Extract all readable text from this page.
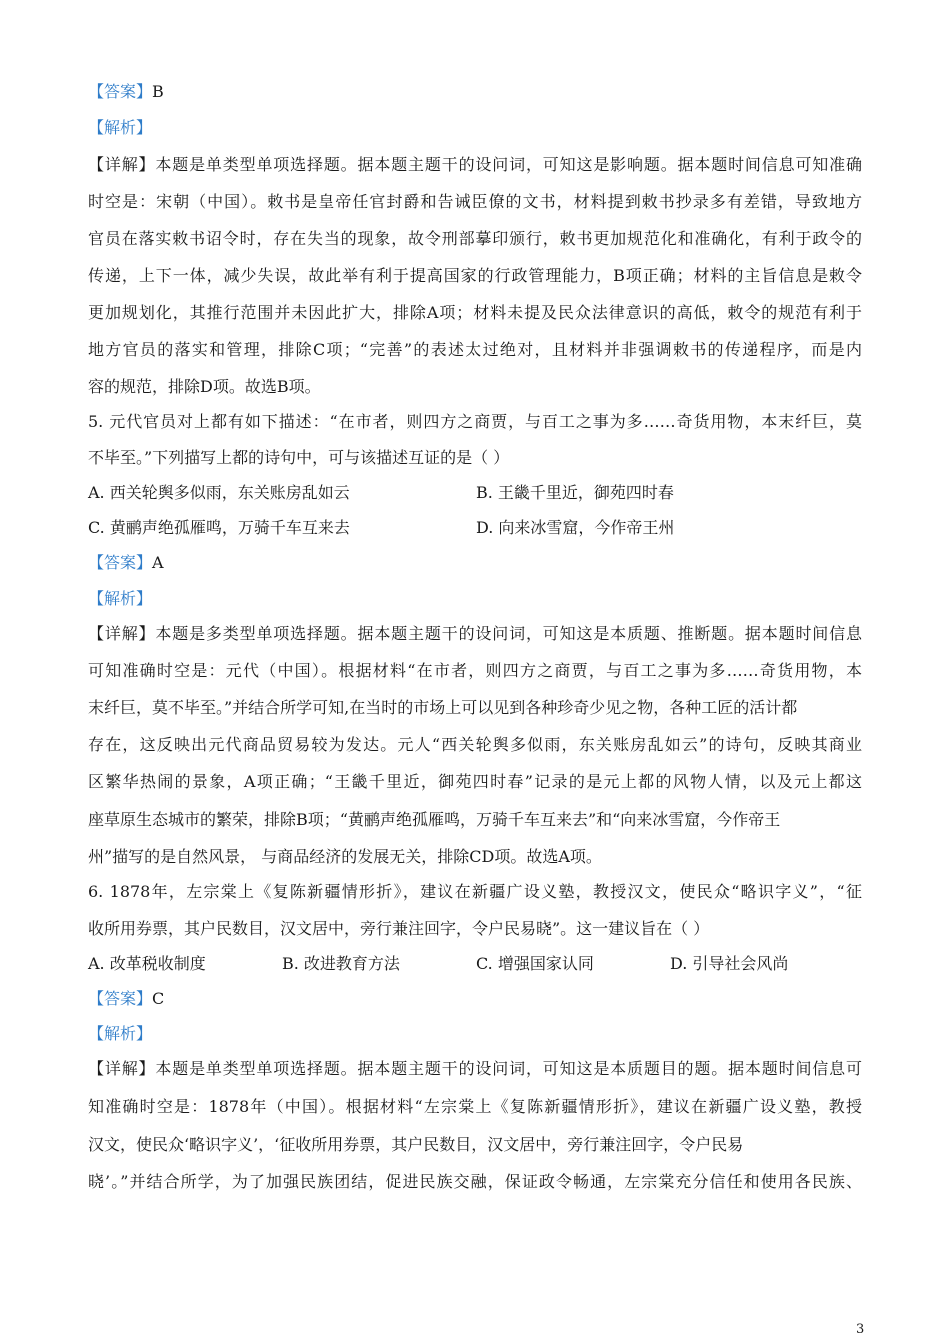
【答案】B
【解析】
【详解】本题是单类型单项选择题。据本题主题干的设问词，可知这是影响题。据本题时间信息可知准确
时空是：宋朝（中国）。敕书是皇帝任官封爵和告诫臣僚的文书，材料提到敕书抄录多有差错，导致地方
官员在落实敕书诏令时，存在失当的现象，故令刑部摹印颁行，敕书更加规范化和准确化，有利于政令的
传递，上下一体，减少失误，故此举有利于提高国家的行政管理能力，B项正确；材料的主旨信息是敕令
更加规划化，其推行范围并未因此扩大，排除A项；材料未提及民众法律意识的高低，敕令的规范有利于
地方官员的落实和管理，排除C项；“完善”的表述太过绝对，且材料并非强调敕书的传递程序，而是内
容的规范，排除D项。故选B项。
5. 元代官员对上都有如下描述：“在市者，则四方之商贾，与百工之事为多……奇货用物，本末纤巨，莫
不毕至。”下列描写上都的诗句中，可与该描述互证的是（ ）
A. 西关轮舆多似雨，东关账房乱如云	B. 王畿千里近，御苑四时春
C. 黄鹂声绝孤雁鸣，万骑千车互来去	D. 向来冰雪窟，今作帝王州
【答案】A
【解析】
【详解】本题是多类型单项选择题。据本题主题干的设问词，可知这是本质题、推断题。据本题时间信息
可知准确时空是：元代（中国）。根据材料“在市者，则四方之商贾，与百工之事为多……奇货用物，本
末纤巨，莫不毕至。”并结合所学可知,在当时的市场上可以见到各种珍奇少见之物，各种工匠的活计都
存在，这反映出元代商品贸易较为发达。元人“西关轮舆多似雨，东关账房乱如云”的诗句，反映其商业
区繁华热闹的景象，A项正确；“王畿千里近，御苑四时春”记录的是元上都的风物人情，以及元上都这
座草原生态城市的繁荣，排除B项；“黄鹂声绝孤雁鸣，万骑千车互来去”和“向来冰雪窟，今作帝王
州”描写的是自然风景， 与商品经济的发展无关，排除CD项。故选A项。
6. 1878年，左宗棠上《复陈新疆情形折》，建议在新疆广设义塾，教授汉文，使民众“略识字义”，“征
收所用券票，其户民数目，汉文居中，旁行兼注回字，令户民易晓”。这一建议旨在（ ）
A. 改革税收制度	B. 改进教育方法	C. 增强国家认同	D. 引导社会风尚
【答案】C
【解析】
【详解】本题是单类型单项选择题。据本题主题干的设问词，可知这是本质题目的题。据本题时间信息可
知准确时空是：1878年（中国）。根据材料“左宗棠上《复陈新疆情形折》，建议在新疆广设义塾，教授
汉文，使民众‘略识字义’，‘征收所用券票，其户民数目，汉文居中，旁行兼注回字，令户民易
晓’。”并结合所学，为了加强民族团结，促进民族交融，保证政令畅通，左宗棠充分信任和使用各民族、
3
